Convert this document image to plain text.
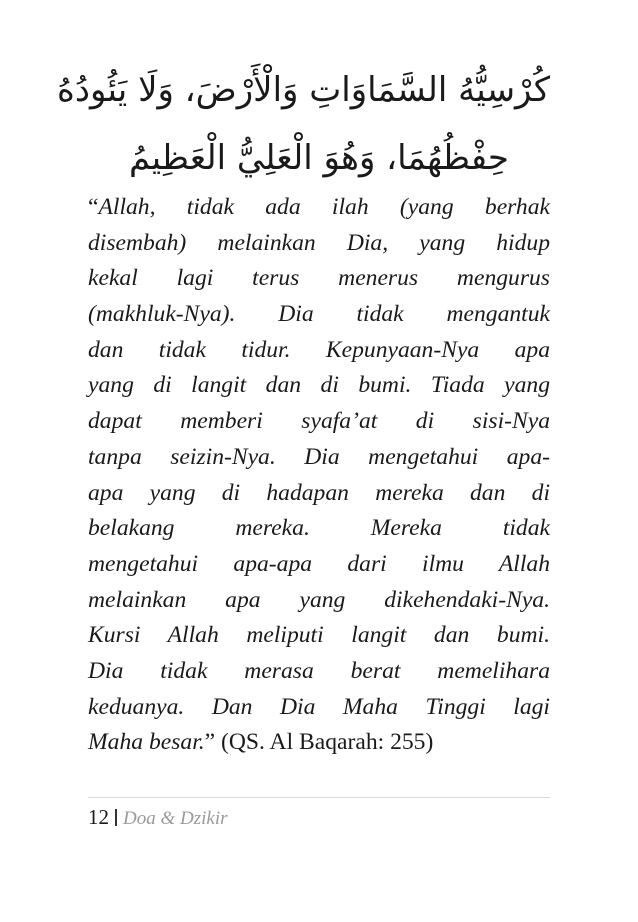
كُرْسِيُّهُ السَّمَاوَاتِ وَالْأَرْضَ، وَلَا يَئُودُهُ
حِفْظُهُمَا، وَهُوَ الْعَلِيُّ الْعَظِيمُ
“Allah, tidak ada ilah (yang berhak
disembah) melainkan Dia, yang hidup
kekal lagi terus menerus mengurus
(makhluk-Nya). Dia tidak mengantuk
dan tidak tidur. Kepunyaan-Nya apa
yang di langit dan di bumi. Tiada yang
dapat memberi syafa’at di sisi-Nya
tanpa seizin-Nya. Dia mengetahui apa-
apa yang di hadapan mereka dan di
belakang mereka. Mereka tidak
mengetahui apa-apa dari ilmu Allah
melainkan apa yang dikehendaki-Nya.
Kursi Allah meliputi langit dan bumi.
Dia tidak merasa berat memelihara
keduanya. Dan Dia Maha Tinggi lagi
Maha besar.” (QS. Al Baqarah: 255)
12 Doa & Dzikir
